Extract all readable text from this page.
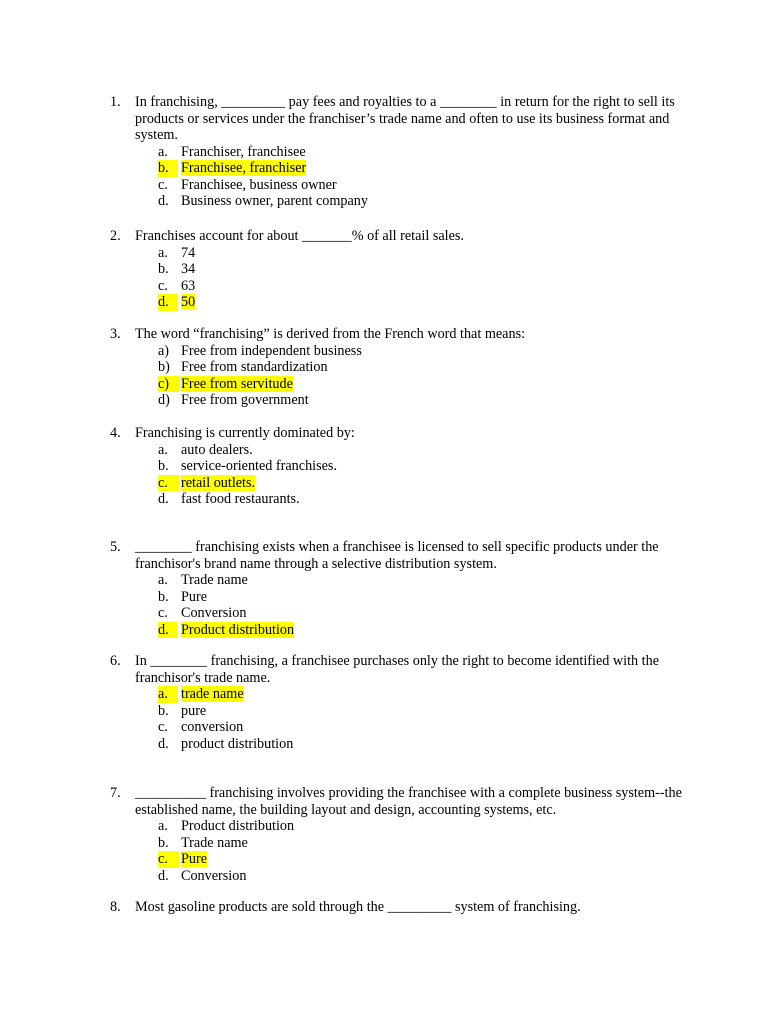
1. In franchising, _________ pay fees and royalties to a ________ in return for the right to sell its products or services under the franchiser’s trade name and often to use its business format and system.
a. Franchiser, franchisee
b. Franchisee, franchiser
c. Franchisee, business owner
d. Business owner, parent company
2. Franchises account for about _______% of all retail sales.
a. 74
b. 34
c. 63
d. 50
3. The word “franchising” is derived from the French word that means:
a) Free from independent business
b) Free from standardization
c) Free from servitude
d) Free from government
4. Franchising is currently dominated by:
a. auto dealers.
b. service-oriented franchises.
c. retail outlets.
d. fast food restaurants.
5. ________ franchising exists when a franchisee is licensed to sell specific products under the franchisor's brand name through a selective distribution system.
a. Trade name
b. Pure
c. Conversion
d. Product distribution
6. In ________ franchising, a franchisee purchases only the right to become identified with the franchisor's trade name.
a. trade name
b. pure
c. conversion
d. product distribution
7. __________ franchising involves providing the franchisee with a complete business system--the established name, the building layout and design, accounting systems, etc.
a. Product distribution
b. Trade name
c. Pure
d. Conversion
8. Most gasoline products are sold through the _________ system of franchising.
